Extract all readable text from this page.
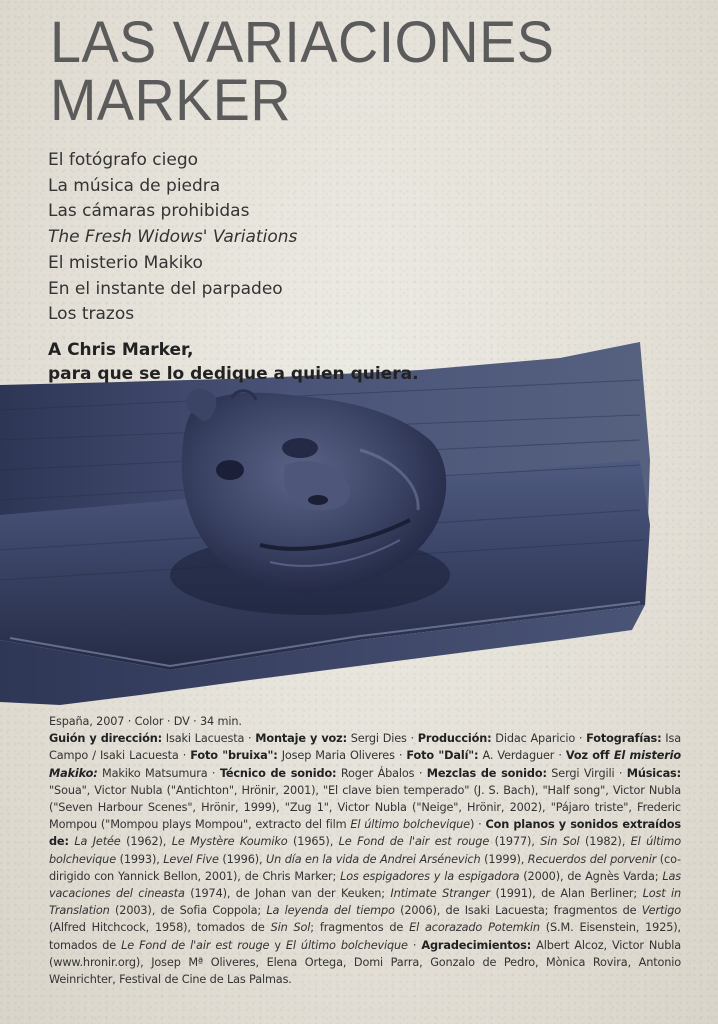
LAS VARIACIONES
MARKER
El fotógrafo ciego
La música de piedra
Las cámaras prohibidas
The Fresh Widows' Variations
El misterio Makiko
En el instante del parpadeo
Los trazos
A Chris Marker,
para que se lo dedique a quien quiera.
España, 2007 · Color · DV · 34 min.
Guión y dirección: Isaki Lacuesta · Montaje y voz: Sergi Dies · Producción: Didac Aparicio · Fotografías: Isa Campo / Isaki Lacuesta · Foto "bruixa": Josep Maria Oliveres · Foto "Dalí": A. Verdaguer · Voz off El misterio Makiko: Makiko Matsumura · Técnico de sonido: Roger Ábalos · Mezclas de sonido: Sergi Virgili · Músicas: "Soua", Victor Nubla ("Antichton", Hrönir, 2001), "El clave bien temperado" (J. S. Bach), "Half song", Victor Nubla ("Seven Harbour Scenes", Hrönir, 1999), "Zug 1", Victor Nubla ("Neige", Hrönir, 2002), "Pájaro triste", Frederic Mompou ("Mompou plays Mompou", extracto del film El último bolchevique) · Con planos y sonidos extraídos de: La Jetée (1962), Le Mystère Koumiko (1965), Le Fond de l'air est rouge (1977), Sin Sol (1982), El último bolchevique (1993), Level Five (1996), Un día en la vida de Andrei Arsénevich (1999), Recuerdos del porvenir (co-dirigido con Yannick Bellon, 2001), de Chris Marker; Los espigadores y la espigadora (2000), de Agnès Varda; Las vacaciones del cineasta (1974), de Johan van der Keuken; Intimate Stranger (1991), de Alan Berliner; Lost in Translation (2003), de Sofia Coppola; La leyenda del tiempo (2006), de Isaki Lacuesta; fragmentos de Vertigo (Alfred Hitchcock, 1958), tomados de Sin Sol; fragmentos de El acorazado Potemkin (S.M. Eisenstein, 1925), tomados de Le Fond de l'air est rouge y El último bolchevique · Agradecimientos: Albert Alcoz, Victor Nubla (www.hronir.org), Josep Mª Oliveres, Elena Ortega, Domi Parra, Gonzalo de Pedro, Mònica Rovira, Antonio Weinrichter, Festival de Cine de Las Palmas.
